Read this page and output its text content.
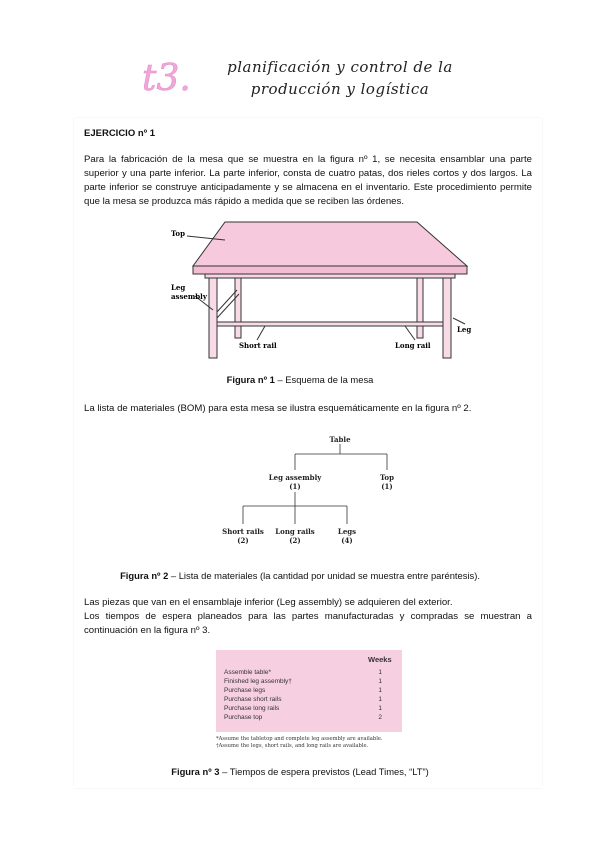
t3.	planificación y control de la
producción y logística
EJERCICIO nº 1
Para la fabricación de la mesa que se muestra en la figura nº 1, se necesita ensamblar una parte superior y una parte inferior. La parte inferior, consta de cuatro patas, dos rieles cortos y dos largos. La parte inferior se construye anticipadamente y se almacena en el inventario. Este procedimiento permite que la mesa se produzca más rápido a medida que se reciben las órdenes.
Top
Leg
assembly
Short rail	Long rail
Leg
Figura nº 1 – Esquema de la mesa
La lista de materiales (BOM) para esta mesa se ilustra esquemáticamente en la figura nº 2.
Table
Leg assembly
(1)
Top
(1)
Short rails
(2)
Long rails
(2)
Legs
(4)
Figura nº 2 – Lista de materiales (la cantidad por unidad se muestra entre paréntesis).
Las piezas que van en el ensamblaje inferior (Leg assembly) se adquieren del exterior.
Los tiempos de espera planeados para las partes manufacturadas y compradas se muestran a continuación en la figura nº 3.
Weeks
Assemble table*	1
Finished leg assembly†	1
Purchase legs	1
Purchase short rails	1
Purchase long rails	1
Purchase top	2
*Assume the tabletop and complete leg assembly are available.
†Assume the legs, short rails, and long rails are available.
Figura nº 3 – Tiempos de espera previstos (Lead Times, “LT”)
